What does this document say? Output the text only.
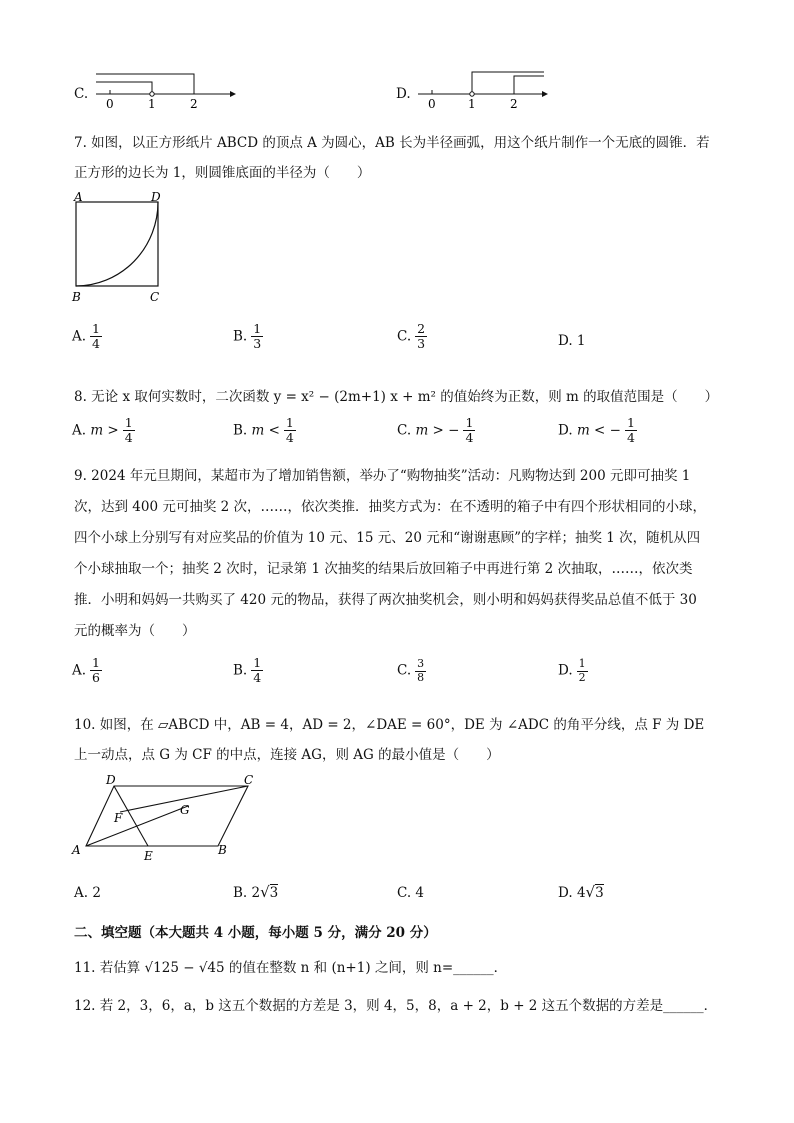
C.
0	1	2
D.
0	1	2
7. 如图，以正方形纸片 ABCD 的顶点 A 为圆心，AB 长为半径画弧，用这个纸片制作一个无底的圆锥．若
正方形的边长为 1，则圆锥底面的半径为（　　）
A	D
B	C
A. $\frac{1}{4}$	B. $\frac{1}{3}$	C. $\frac{2}{3}$	D. 1
8. 无论 x 取何实数时，二次函数 y = x² − (2m+1) x + m² 的值始终为正数，则 m 的取值范围是（　　）
A. $m > \frac{1}{4}$	B. $m < \frac{1}{4}$	C. m > − $\frac{1}{4}$	D. m < − $\frac{1}{4}$
9. 2024 年元旦期间，某超市为了增加销售额，举办了“购物抽奖”活动：凡购物达到 200 元即可抽奖 1
次，达到 400 元可抽奖 2 次，……，依次类推．抽奖方式为：在不透明的箱子中有四个形状相同的小球，
四个小球上分别写有对应奖品的价值为 10 元、15 元、20 元和“谢谢惠顾”的字样；抽奖 1 次，随机从四
个小球抽取一个；抽奖 2 次时，记录第 1 次抽奖的结果后放回箱子中再进行第 2 次抽取，……，依次类
推．小明和妈妈一共购买了 420 元的物品，获得了两次抽奖机会，则小明和妈妈获得奖品总值不低于 30
元的概率为（　　）
A. $\frac{1}{6}$	B. $\frac{1}{4}$	C. $\frac{3}{8}$	D. $\frac{1}{2}$
10. 如图，在 ▱ABCD 中，AB = 4，AD = 2，∠DAE = 60°，DE 为 ∠ADC 的角平分线，点 F 为 DE
上一动点，点 G 为 CF 的中点，连接 AG，则 AG 的最小值是（　　）
D	C
A	B
E
F
G
A. 2	B. 2√3	C. 4	D. 4√3
二、填空题（本大题共 4 小题，每小题 5 分，满分 20 分）
11. 若估算 √125 − √45 的值在整数 n 和 (n+1) 之间，则 n=______．
12. 若 2，3，6，a，b 这五个数据的方差是 3，则 4，5，8，a + 2，b + 2 这五个数据的方差是______．
